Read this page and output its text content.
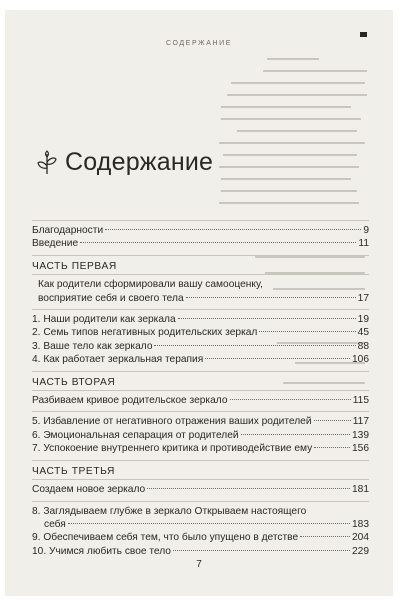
СОДЕРЖАНИЕ
Содержание
Благодарности	9
Введение	11
ЧАСТЬ ПЕРВАЯ
Как родители сформировали вашу самооценку,
восприятие себя и своего тела	17
1. Наши родители как зеркала	19
2. Семь типов негативных родительских зеркал	45
3. Ваше тело как зеркало	88
4. Как работает зеркальная терапия	106
ЧАСТЬ ВТОРАЯ
Разбиваем кривое родительское зеркало	115
5. Избавление от негативного отражения ваших родителей	117
6. Эмоциональная сепарация от родителей	139
7. Успокоение внутреннего критика и противодействие ему	156
ЧАСТЬ ТРЕТЬЯ
Создаем новое зеркало	181
8. Заглядываем глубже в зеркало Открываем настоящего
себя	183
9. Обеспечиваем себя тем, что было упущено в детстве	204
10. Учимся любить свое тело	229
7
